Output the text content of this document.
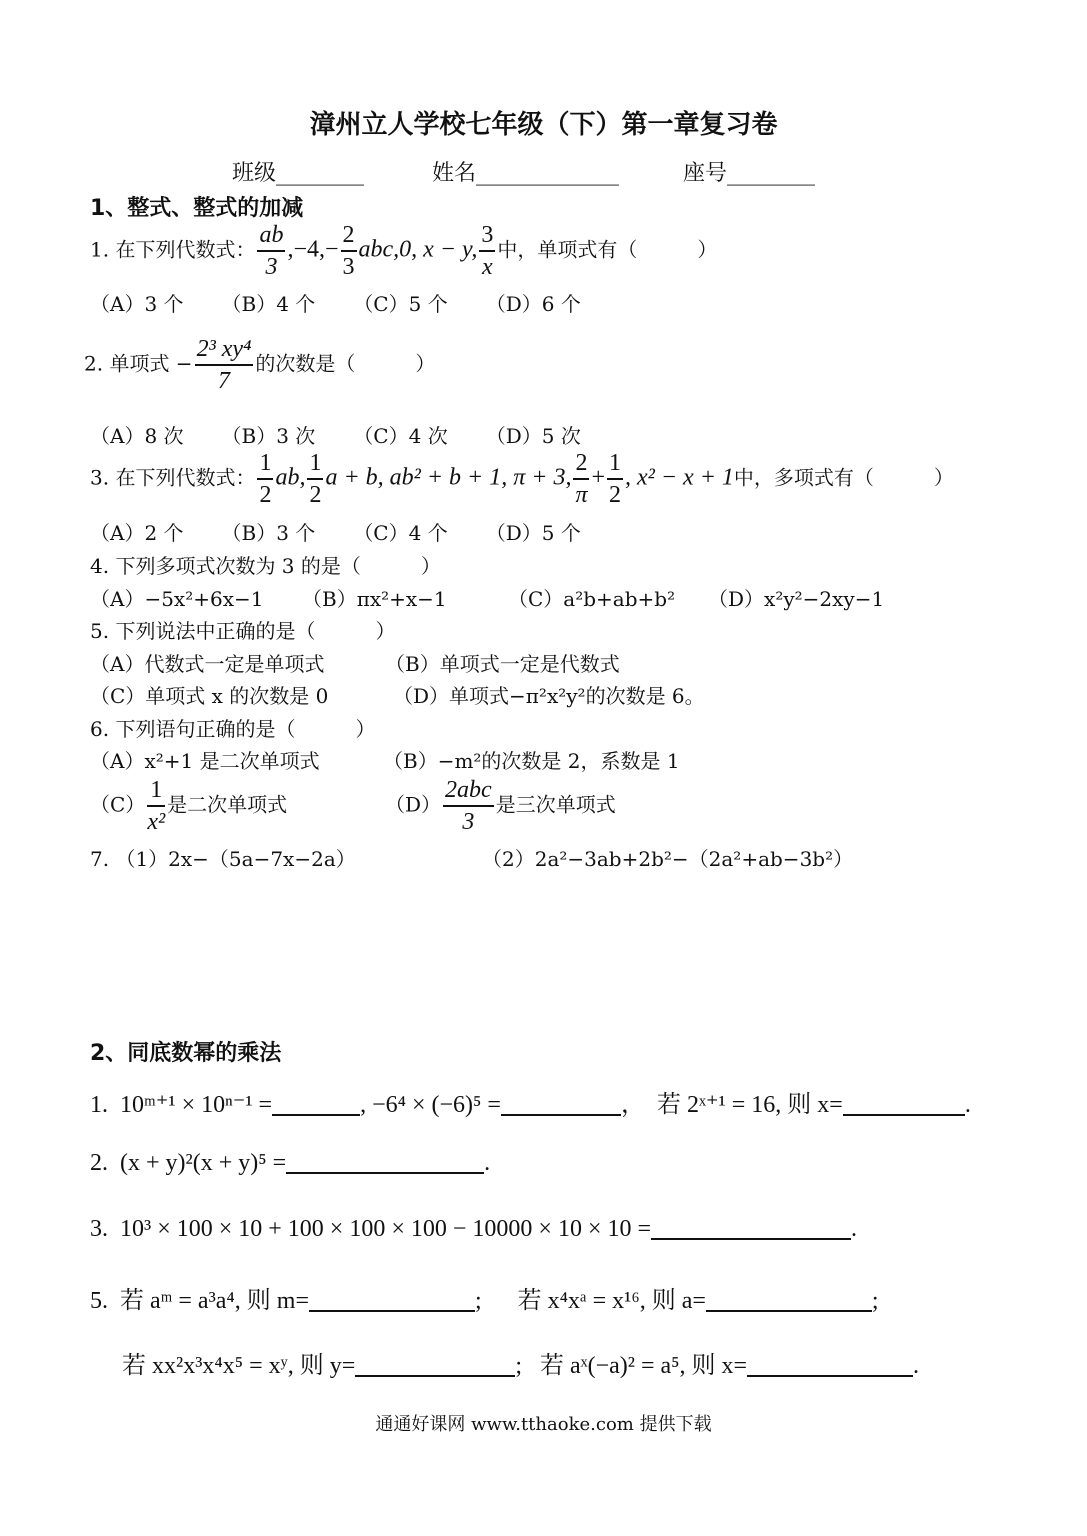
漳州立人学校七年级（下）第一章复习卷
班级________	姓名_____________	座号________
1、整式、整式的加减
1. 在下列代数式： $\frac{ab}{3} ,-4,- \frac{2}{3} abc,0$, x − y, $\frac{3}{x}$ 中，单项式有（　　　）
（A）3 个 （B）4 个 （C）5 个 （D）6 个
2. 单项式 − $\frac{\text{2³ xy⁴}}{7}$ 的次数是（　　　）
（A）8 次 （B）3 次 （C）4 次 （D）5 次
3. 在下列代数式： $\frac{1}{2}$ ab, $\frac{1}{2}$ a + b, ab² + b + 1, π + 3, $\frac{2}{\pi} + \frac{1}{2}$ , x² − x + 1中，多项式有（　　　）
（A）2 个 （B）3 个 （C）4 个 （D）5 个
4. 下列多项式次数为 3 的是（　　　）
（A）−5x²+6x−1 （B）πx²+x−1	（C）a²b+ab+b² （D）x²y²−2xy−1
5. 下列说法中正确的是（　　　）
（A）代数式一定是单项式	（B）单项式一定是代数式
（C）单项式 x 的次数是 0	（D）单项式−π²x²y²的次数是 6。
6. 下列语句正确的是（　　　）
（A）x²+1 是二次单项式	（B）−m²的次数是 2，系数是 1
$(C) \frac{1}{\text{x²}}$ 是二次单项式	$(D) \frac{\text{2abc}}{3}$ 是三次单项式
7. （1）2x−（5a−7x−2a）	（2）2a²−3ab+2b²−（2a²+ab−3b²）
2、同底数幂的乘法
1. 10ᵐ⁺¹ × 10ⁿ⁻¹ =	, −6⁴ × (−6)⁵ =	，　若 2ˣ⁺¹ = 16, 则 x=	.
2. (x + y)²(x + y)⁵ =	.
3. 10³ × 100 × 10 + 100 × 100 × 100 − 10000 × 10 × 10 =	.
5. 若 aᵐ = a³a⁴, 则 m=	; 若 x⁴xᵃ = x¹⁶, 则 a=	;
若 xx²x³x⁴x⁵ = xʸ, 则 y=	; 若 aˣ(−a)² = a⁵, 则 x=	.
通通好课网 www.tthaoke.com 提供下载
